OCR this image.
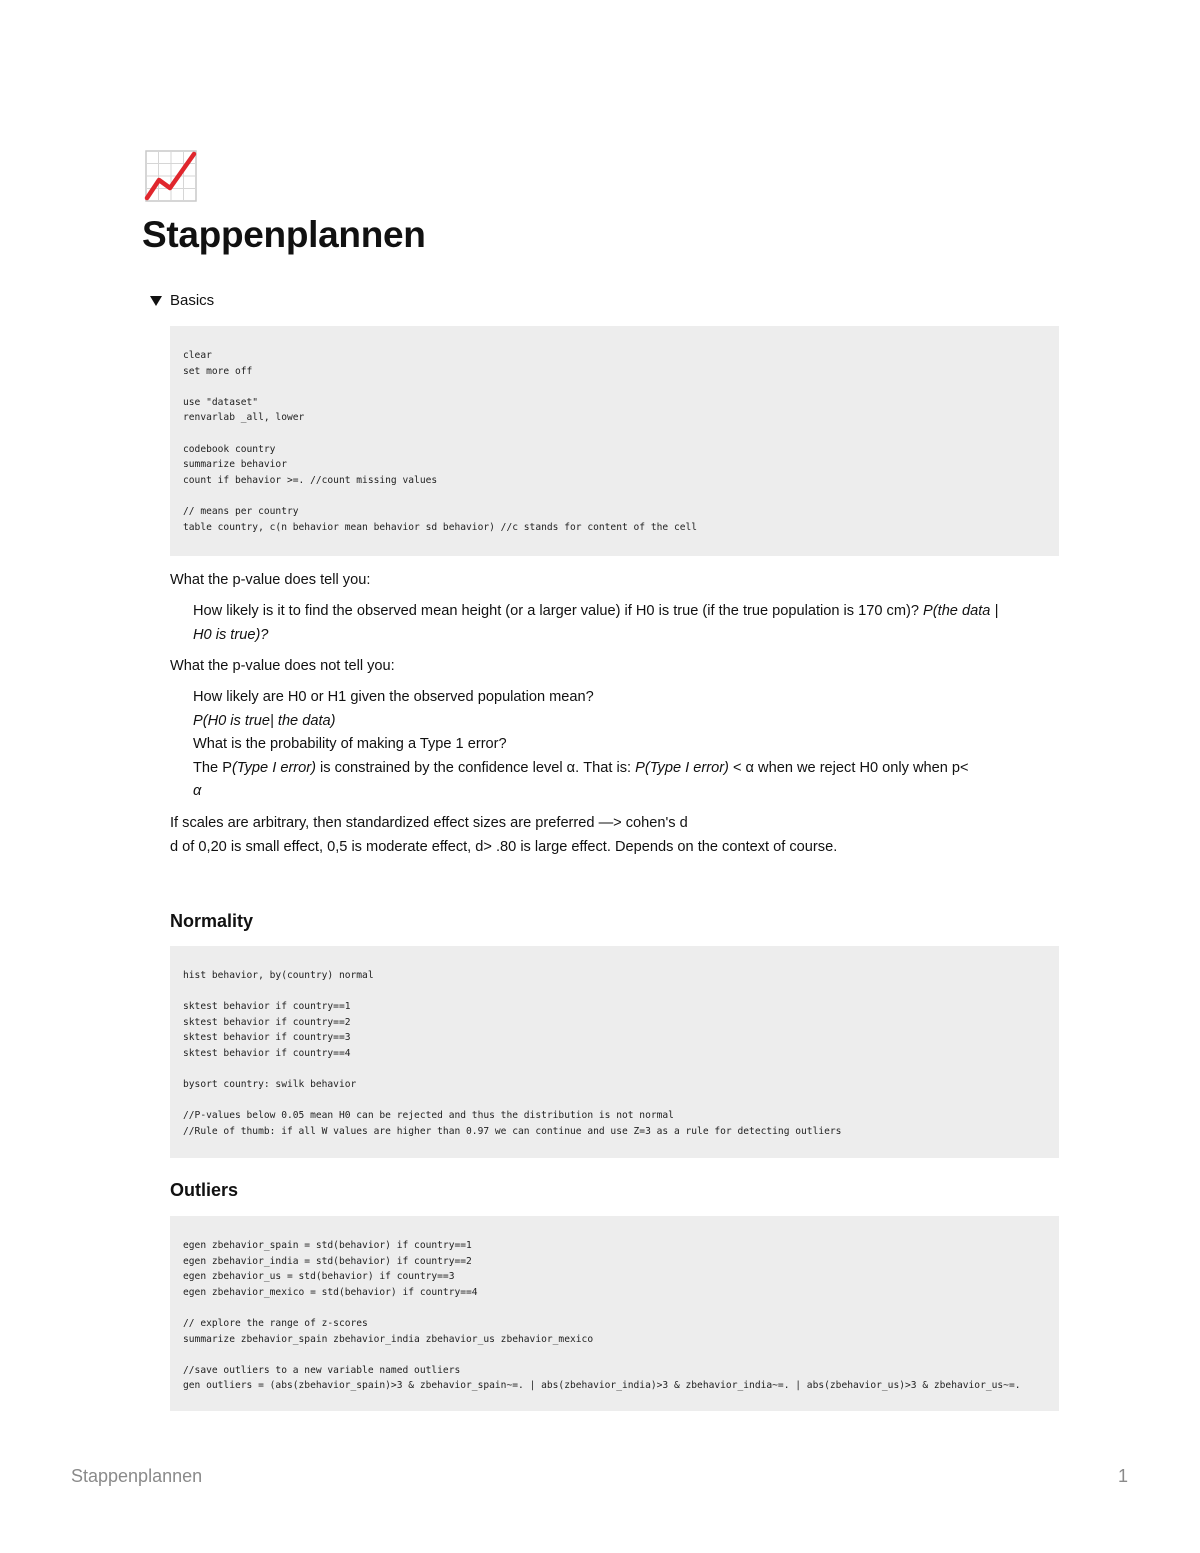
Stappenplannen
Basics
clear
set more off

use "dataset"
renvarlab _all, lower

codebook country
summarize behavior
count if behavior >=. //count missing values

// means per country
table country, c(n behavior mean behavior sd behavior) //c stands for content of the cell
What the p-value does tell you:
How likely is it to find the observed mean height (or a larger value) if H0 is true (if the true population is 170 cm)? P(the data |
H0 is true)?
What the p-value does not tell you:
How likely are H0 or H1 given the observed population mean?
P(H0 is true| the data)
What is the probability of making a Type 1 error?
The P(Type I error) is constrained by the confidence level α. That is: P(Type I error) < α when we reject H0 only when p<
α
If scales are arbitrary, then standardized effect sizes are preferred —> cohen's d
d of 0,20 is small effect, 0,5 is moderate effect, d> .80 is large effect. Depends on the context of course.
Normality
hist behavior, by(country) normal

sktest behavior if country==1
sktest behavior if country==2
sktest behavior if country==3
sktest behavior if country==4

bysort country: swilk behavior

//P-values below 0.05 mean H0 can be rejected and thus the distribution is not normal
//Rule of thumb: if all W values are higher than 0.97 we can continue and use Z=3 as a rule for detecting outliers
Outliers
egen zbehavior_spain = std(behavior) if country==1
egen zbehavior_india = std(behavior) if country==2
egen zbehavior_us = std(behavior) if country==3
egen zbehavior_mexico = std(behavior) if country==4

// explore the range of z-scores
summarize zbehavior_spain zbehavior_india zbehavior_us zbehavior_mexico

//save outliers to a new variable named outliers
gen outliers = (abs(zbehavior_spain)>3 & zbehavior_spain~=. | abs(zbehavior_india)>3 & zbehavior_india~=. | abs(zbehavior_us)>3 & zbehavior_us~=.
Stappenplannen	1
